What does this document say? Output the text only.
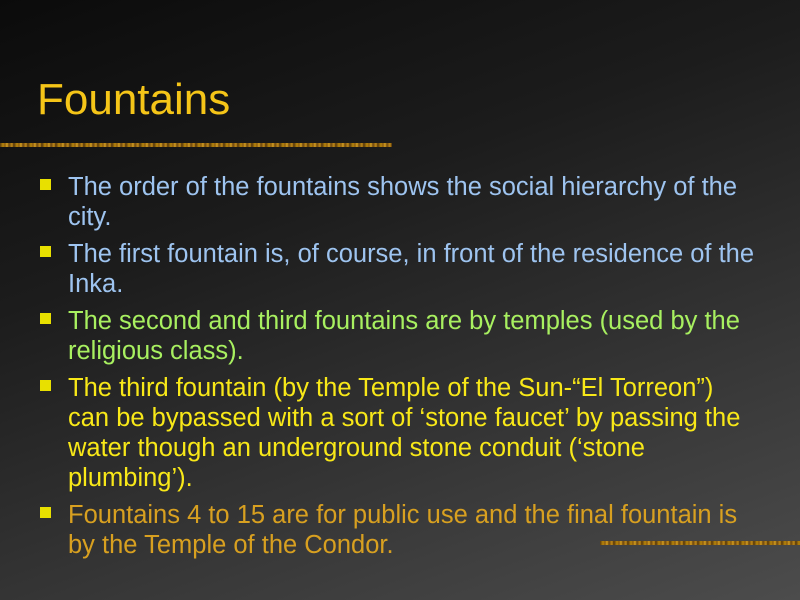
Fountains
The order of the fountains shows the social hierarchy of the city.
The first fountain is, of course, in front of the residence of the Inka.
The second and third fountains are by temples (used by the religious class).
The third fountain (by the Temple of the Sun-“El Torreon”) can be bypassed with a sort of ‘stone faucet’ by passing the water though an underground stone conduit (‘stone plumbing’).
Fountains 4 to 15 are for public use and the final fountain is by the Temple of the Condor.
